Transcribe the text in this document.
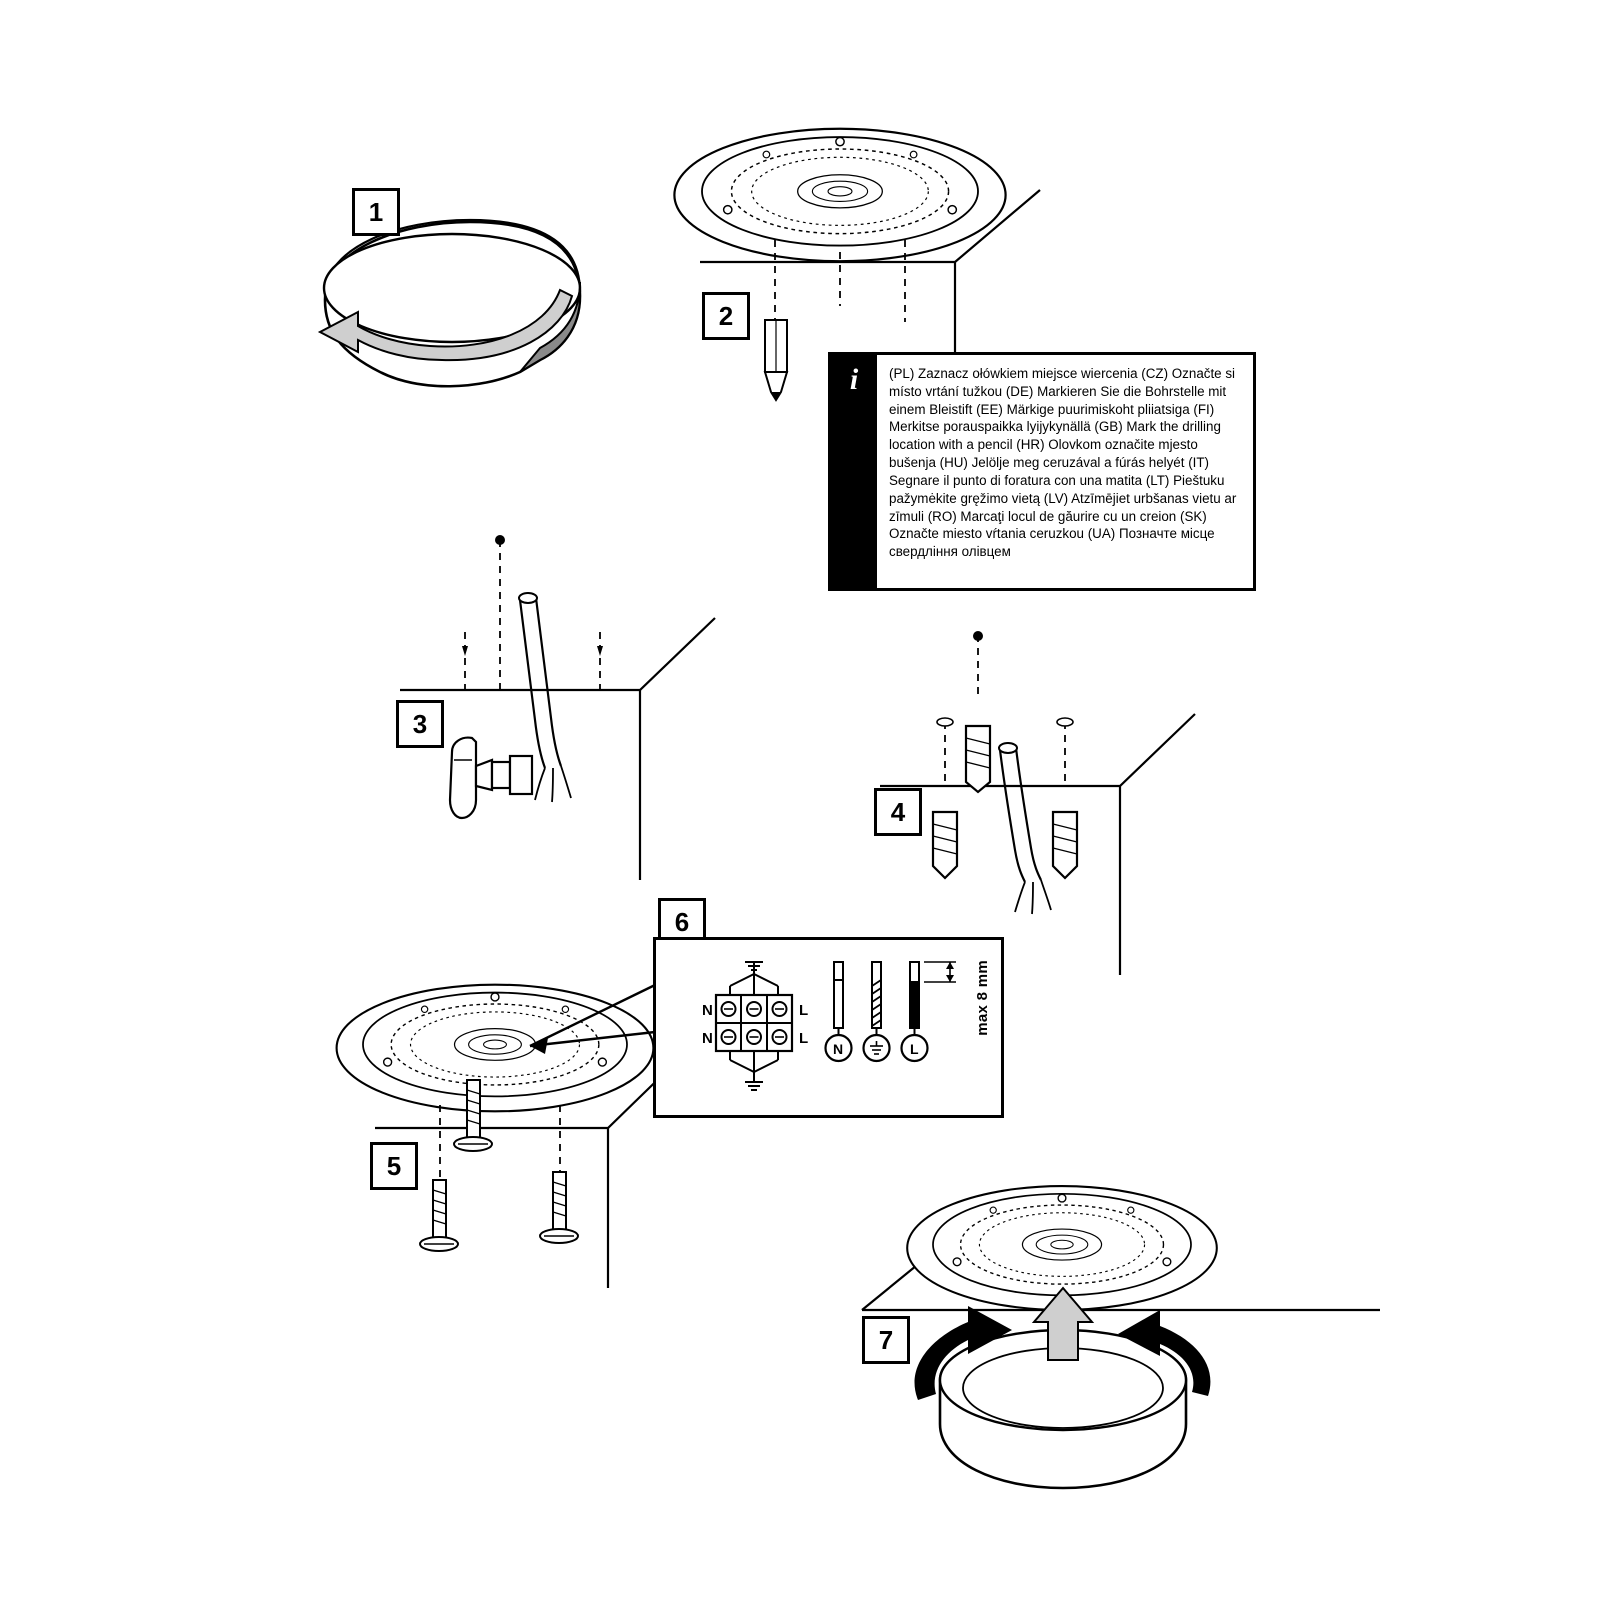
1
2
3
4
5
6
7
i	(PL) Zaznacz ołówkiem miejsce wiercenia (CZ) Označte si místo vrtání tužkou (DE) Markieren Sie die Bohrstelle mit einem Bleistift (EE) Märkige puurimiskoht pliiatsiga (FI) Merkitse porauspaikka lyijykynällä (GB) Mark the drilling location with a pencil (HR) Olovkom označite mjesto bušenja (HU) Jelölje meg ceruzával a fúrás helyét (IT) Segnare il punto di foratura con una matita (LT) Pieštuku pažymėkite gręžimo vietą (LV) Atzīmējiet urbšanas vietu ar zīmuli (RO) Marcaţi locul de găurire cu un creion (SK) Označte miesto vŕtania ceruzkou (UA) Позначте місце свердління олівцем
N	L
N	L
N	L
max 8 mm
